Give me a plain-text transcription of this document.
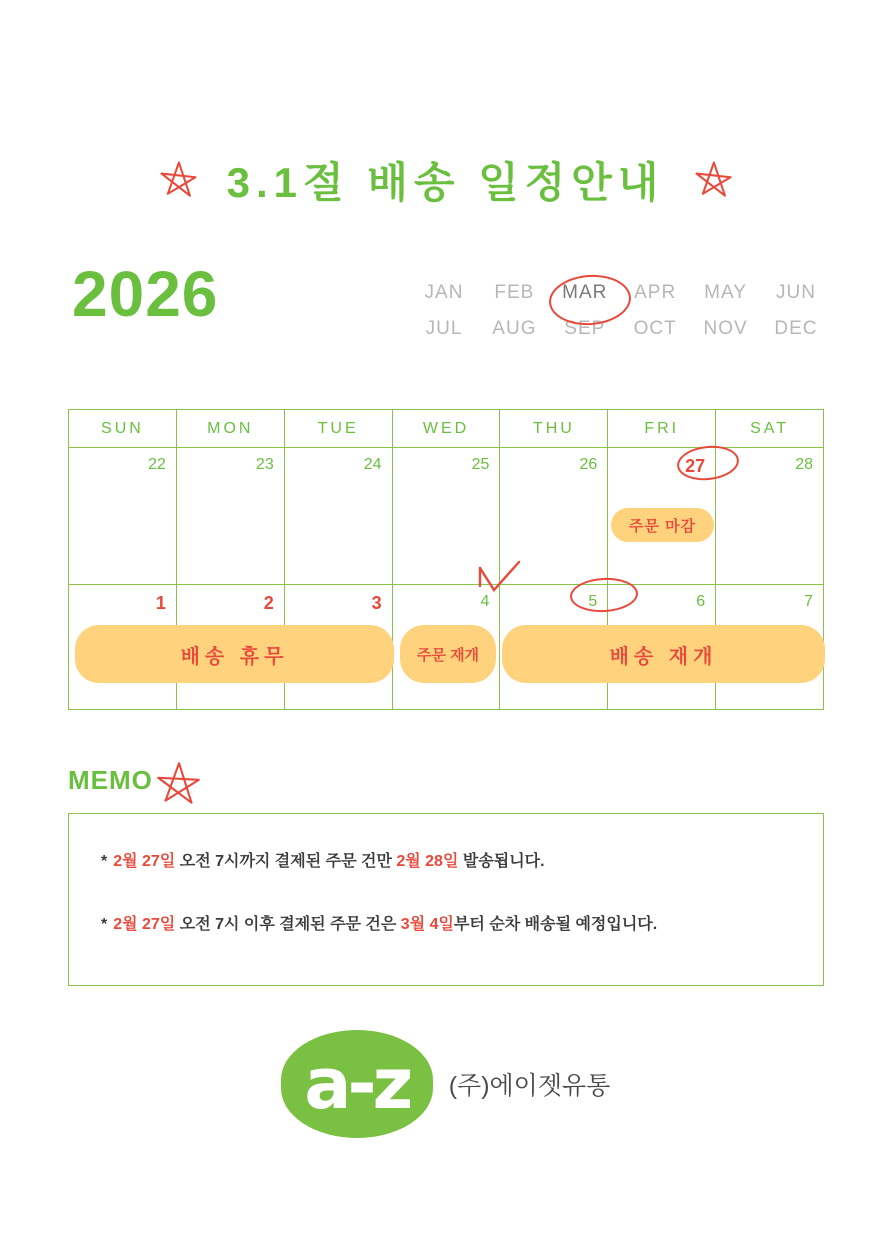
3.1절 배송 일정안내
2026	JAN	FEB	MAR	APR	MAY	JUN
JUL	AUG	SEP	OCT	NOV	DEC
SUN	MON	TUE	WED	THU	FRI	SAT
22	23	24	25	26	27	28
1	2	3	4	5	6	7
주문 마감
배송 휴무	주문 재개	배송 재개
MEMO
* 2월 27일 오전 7시까지 결제된 주문 건만 2월 28일 발송됩니다.
* 2월 27일 오전 7시 이후 결제된 주문 건은 3월 4일부터 순차 배송될 예정입니다.
a-z	(주)에이젯유통
